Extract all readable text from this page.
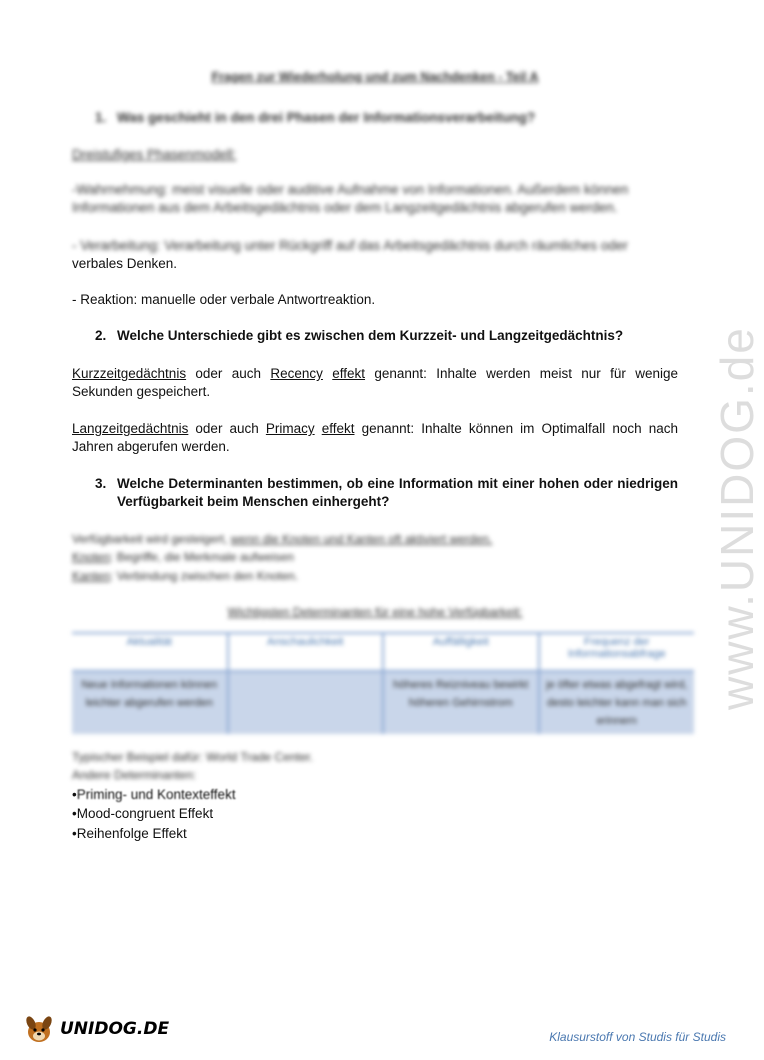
Fragen zur Wiederholung und zum Nachdenken - Teil A
1. Was geschieht in den drei Phasen der Informationsverarbeitung?
Dreistufiges Phasenmodell:
-Wahrnehmung: meist visuelle oder auditive Aufnahme von Informationen. Außerdem können Informationen aus dem Arbeitsgedächtnis oder dem Langzeitgedächtnis abgerufen werden.
- Verarbeitung: Verarbeitung unter Rückgriff auf das Arbeitsgedächtnis durch räumliches oder
verbales Denken.
- Reaktion: manuelle oder verbale Antwortreaktion.
2. Welche Unterschiede gibt es zwischen dem Kurzzeit- und Langzeitgedächtnis?
Kurzzeitgedächtnis oder auch Recency effekt genannt: Inhalte werden meist nur für wenige Sekunden gespeichert.
Langzeitgedächtnis oder auch Primacy effekt genannt: Inhalte können im Optimalfall noch nach Jahren abgerufen werden.
3. Welche Determinanten bestimmen, ob eine Information mit einer hohen oder niedrigen Verfügbarkeit beim Menschen einhergeht?
Verfügbarkeit wird gesteigert, wenn die Knoten und Kanten oft aktiviert werden.
Knoten: Begriffe, die Merkmale aufweisen
Kanten: Verbindung zwischen den Knoten.
Wichtigsten Determinanten für eine hohe Verfügbarkeit:
Aktualität	Anschaulichkeit	Auffälligkeit	Frequenz der Informationsabfrage
Neue Informationen können leichter abgerufen werden		höheres Reizniveau bewirkt höheren Gehirnstrom	je öfter etwas abgefragt wird, desto leichter kann man sich erinnern
Typischer Beispiel dafür: World Trade Center.
Andere Determinanten:
•Priming- und Kontexteffekt
•Mood-congruent Effekt
•Reihenfolge Effekt
www.UNIDOG.de
UNIDOG.DE	Klausurstoff von Studis für Studis
